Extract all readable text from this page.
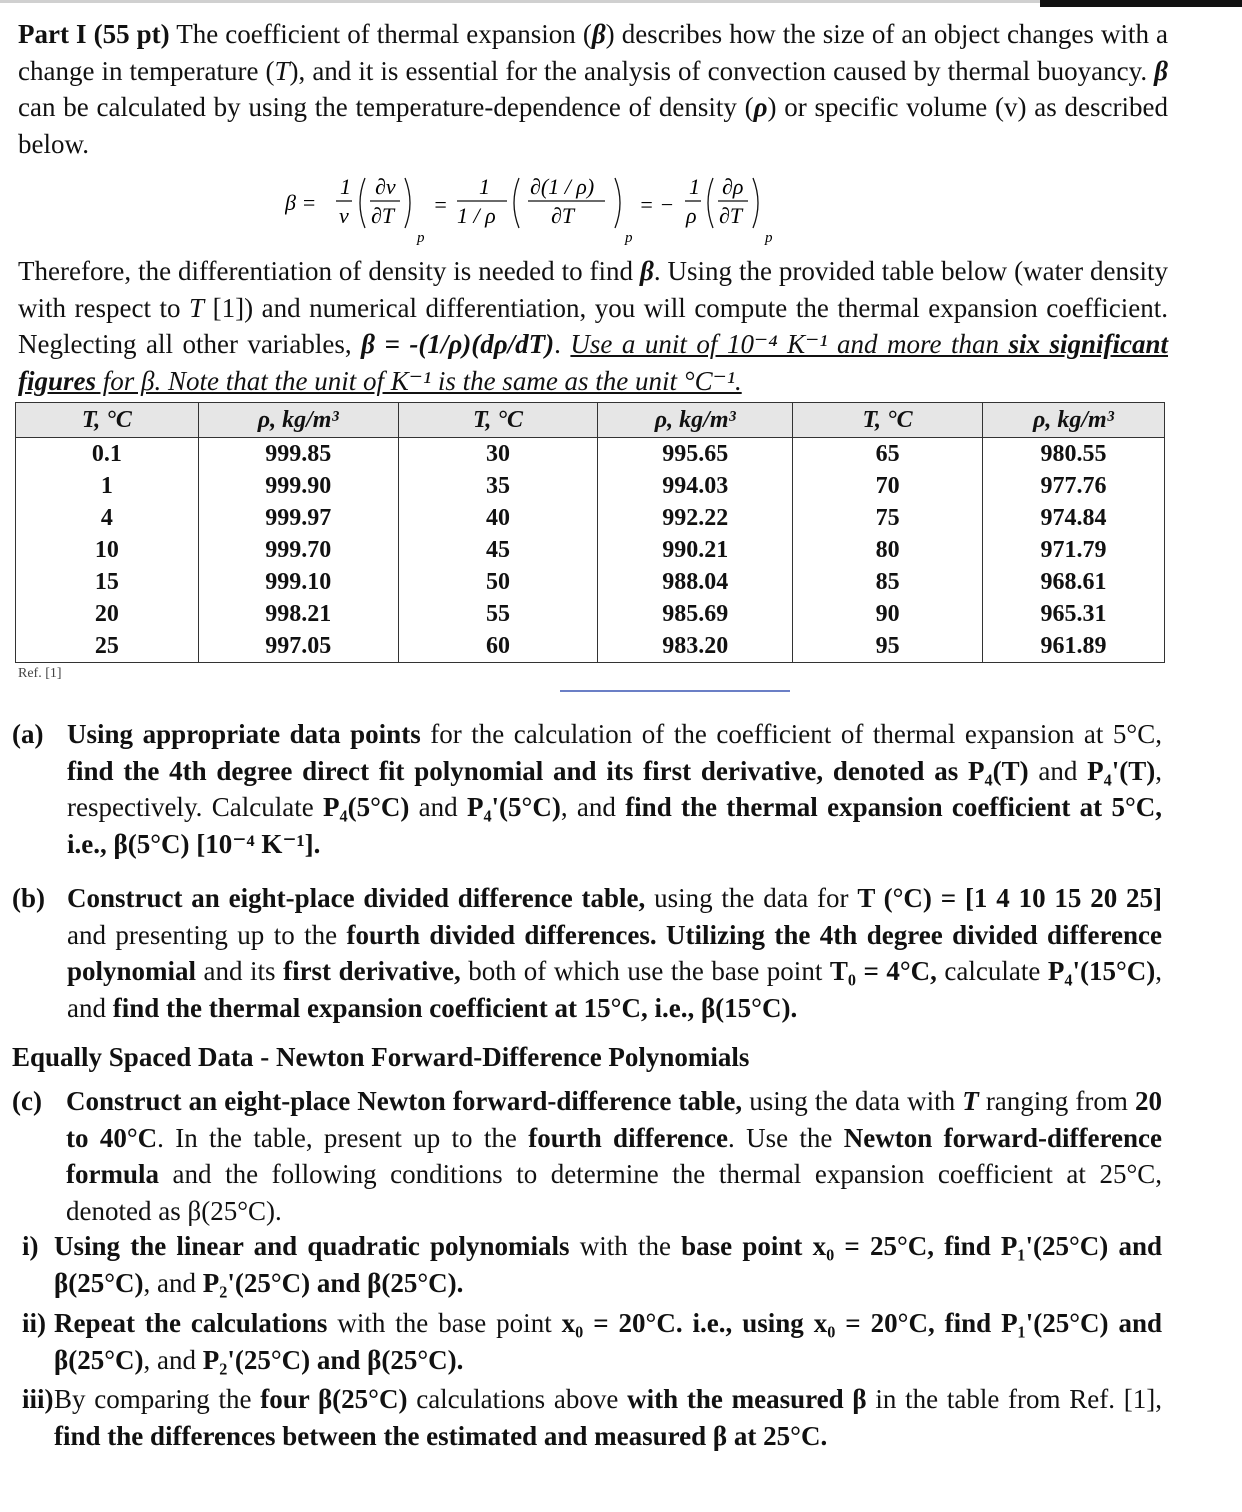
Part I (55 pt) The coefficient of thermal expansion (β) describes how the size of an object changes with a change in temperature (T), and it is essential for the analysis of convection caused by thermal buoyancy. β can be calculated by using the temperature-dependence of density (ρ) or specific volume (v) as described below.
β =
1
v
∂v
∂T
p
=
1
1 / ρ
∂(1 / ρ)
∂T
p
= −
1
ρ
∂ρ
∂T
p
Therefore, the differentiation of density is needed to find β. Using the provided table below (water density with respect to T [1]) and numerical differentiation, you will compute the thermal expansion coefficient. Neglecting all other variables, β = -(1/ρ)(dρ/dT). Use a unit of 10⁻⁴ K⁻¹ and more than six significant figures for β. Note that the unit of K⁻¹ is the same as the unit °C⁻¹.
T, °C	ρ, kg/m³	T, °C	ρ, kg/m³	T, °C	ρ, kg/m³
0.1	999.85	30	995.65	65	980.55
1	999.90	35	994.03	70	977.76
4	999.97	40	992.22	75	974.84
10	999.70	45	990.21	80	971.79
15	999.10	50	988.04	85	968.61
20	998.21	55	985.69	90	965.31
25	997.05	60	983.20	95	961.89
Ref. [1]
(a) Using appropriate data points for the calculation of the coefficient of thermal expansion at 5°C, find the 4th degree direct fit polynomial and its first derivative, denoted as P₄(T) and P₄'(T), respectively. Calculate P₄(5°C) and P₄'(5°C), and find the thermal expansion coefficient at 5°C, i.e., β(5°C) [10⁻⁴ K⁻¹].
(b) Construct an eight-place divided difference table, using the data for T (°C) = [1 4 10 15 20 25] and presenting up to the fourth divided differences. Utilizing the 4th degree divided difference polynomial and its first derivative, both of which use the base point T₀ = 4°C, calculate P₄'(15°C), and find the thermal expansion coefficient at 15°C, i.e., β(15°C).
Equally Spaced Data - Newton Forward-Difference Polynomials
(c) Construct an eight-place Newton forward-difference table, using the data with T ranging from 20 to 40°C. In the table, present up to the fourth difference. Use the Newton forward-difference formula and the following conditions to determine the thermal expansion coefficient at 25°C, denoted as β(25°C).
i) Using the linear and quadratic polynomials with the base point x₀ = 25°C, find P₁'(25°C) and β(25°C), and P₂'(25°C) and β(25°C).
ii) Repeat the calculations with the base point x₀ = 20°C. i.e., using x₀ = 20°C, find P₁'(25°C) and β(25°C), and P₂'(25°C) and β(25°C).
iii) By comparing the four β(25°C) calculations above with the measured β in the table from Ref. [1], find the differences between the estimated and measured β at 25°C.
